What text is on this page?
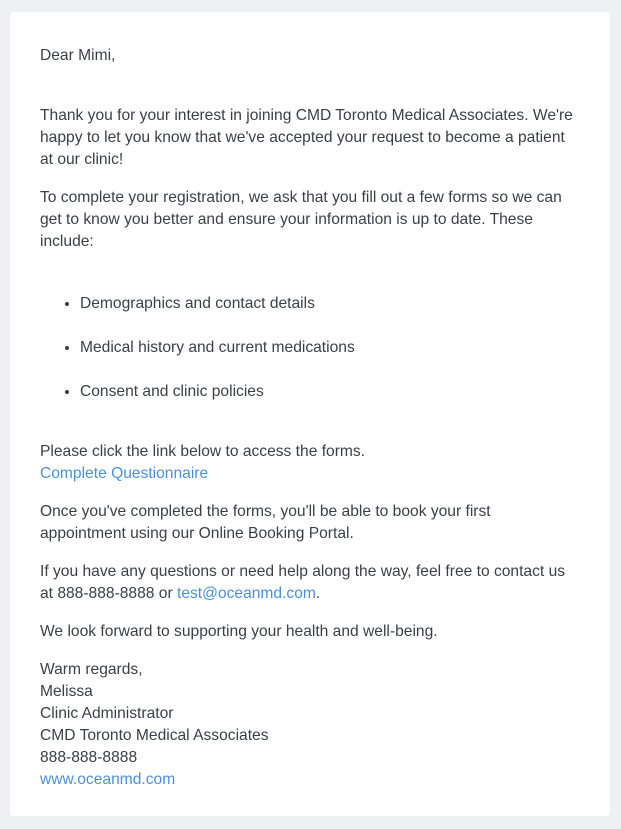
Dear Mimi,

Thank you for your interest in joining CMD Toronto Medical Associates. We're happy to let you know that we've accepted your request to become a patient at our clinic!

To complete your registration, we ask that you fill out a few forms so we can get to know you better and ensure your information is up to date. These include:

• Demographics and contact details
• Medical history and current medications
• Consent and clinic policies

Please click the link below to access the forms.

Complete Questionnaire

Once you've completed the forms, you'll be able to book your first appointment using our Online Booking Portal.

If you have any questions or need help along the way, feel free to contact us at 888-888-8888 or test@oceanmd.com.

We look forward to supporting your health and well-being.

Warm regards,

Melissa

Clinic Administrator

CMD Toronto Medical Associates

888-888-8888

www.oceanmd.com
